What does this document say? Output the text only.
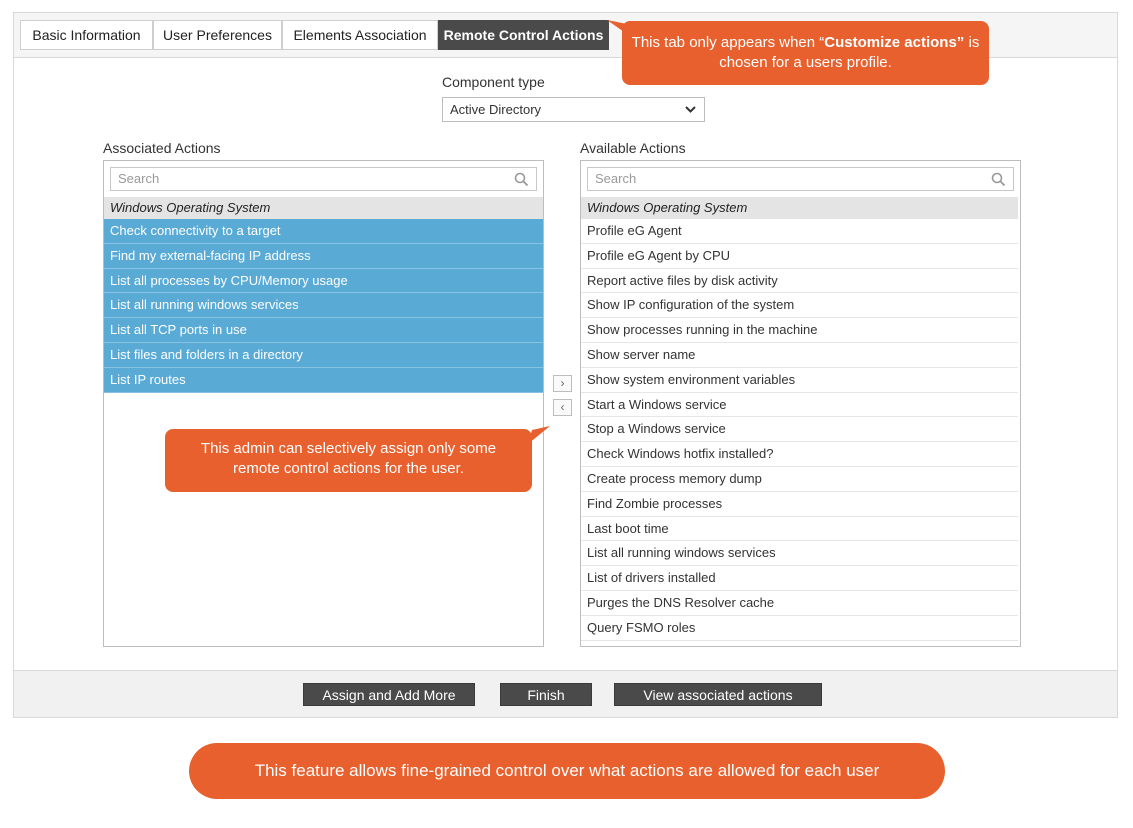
Basic Information	User Preferences	Elements Association	Remote Control Actions
Component type
Active Directory
Associated Actions
Search
Windows Operating System
Check connectivity to a target
Find my external-facing IP address
List all processes by CPU/Memory usage
List all running windows services
List all TCP ports in use
List files and folders in a directory
List IP routes	›
‹
Available Actions
Search
Windows Operating System
Profile eG Agent
Profile eG Agent by CPU
Report active files by disk activity
Show IP configuration of the system
Show processes running in the machine
Show server name
Show system environment variables
Start a Windows service
Stop a Windows service
Check Windows hotfix installed?
Create process memory dump
Find Zombie processes
Last boot time
List all running windows services
List of drivers installed
Purges the DNS Resolver cache
Query FSMO roles
Assign and Add More	Finish	View associated actions
This tab only appears when “Customize actions” is chosen for a users profile.
This admin can selectively assign only some remote control actions for the user.
This feature allows fine-grained control over what actions are allowed for each user
